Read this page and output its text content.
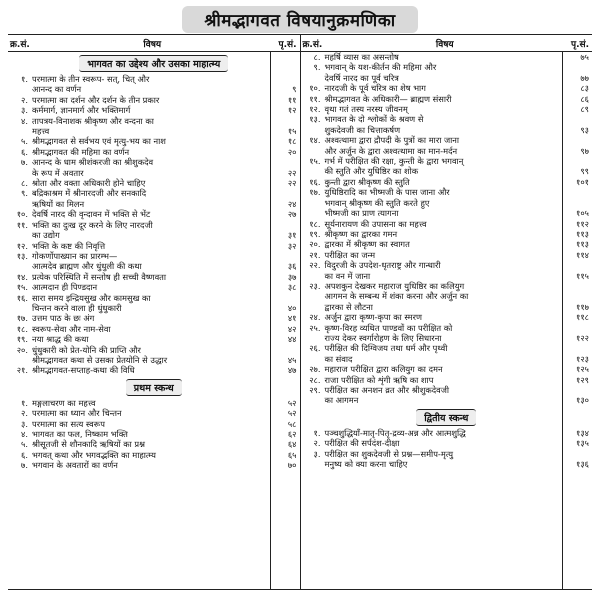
श्रीमद्भागवत विषयानुक्रमणिका
क्र.सं.	विषय	पृ.सं.
भागवत का उद्देश्य और उसका माहात्म्य
१. परमात्मा के तीन स्वरूप- सत्, चित् और
आनन्द का वर्णन	९
२. परमात्मा का दर्शन और दर्शन के तीन प्रकार	११
३. कर्ममार्ग, ज्ञानमार्ग और भक्तिमार्ग	१२
४. तापत्रय-विनाशक श्रीकृष्ण और वन्दना का
महत्त्व	१५
५. श्रीमद्भागवत से सर्वभय एवं मृत्यु-भय का नाश	१८
६. श्रीमद्भागवत की महिमा का वर्णन	२०
७. आनन्द के धाम श्रीशंकरजी का श्रीशुकदेव
के रूप में अवतार	२२
८. श्रोता और वक्ता अधिकारी होने चाहिए	२२
९. बद्रिकाश्रम में श्रीनारदजी और सनकादि
ऋषियों का मिलन	२४
१०. देवर्षि नारद की वृन्दावन में भक्ति से भेंट	२७
११. भक्ति का दुःख दूर करने के लिए नारदजी
का उद्योग	३१
१२. भक्ति के कष्ट की निवृत्ति	३२
१३. गोकर्णोपाख्यान का प्रारम्भ—
आत्मदेव ब्राह्मण और धुंधुली की कथा	३६
१४. प्रत्येक परिस्थिति में सन्तोष ही सच्ची वैष्णवता	३७
१५. आत्मदान ही पिण्डदान	३८
१६. सारा समय इन्द्रियसुख और कामसुख का
चिन्तन करने वाला ही धुंधुकारी	४०
१७. उत्तम पाठ के छः अंग	४१
१८. स्वरूप-सेवा और नाम-सेवा	४२
१९. नया श्राद्ध की कथा	४४
२०. धुंधुकारी को प्रेत-योनि की प्राप्ति और
श्रीमद्भागवत कथा से उसका प्रेतयोनि से उद्धार	४५
२१. श्रीमद्भागवत-सप्ताह-कथा की विधि	४७
प्रथम स्कन्ध
१. मङ्गलाचरण का महत्त्व	५२
२. परमात्मा का ध्यान और चिन्तन	५२
३. परमात्मा का सत्य स्वरूप	५८
४. भागवत का फल, निष्काम भक्ति	६२
५. श्रीसूतजी से शौनकादि ऋषियों का प्रश्न	६४
६. भगवत् कथा और भगवद्भक्ति का माहात्म्य	६५
७. भगवान के अवतारों का वर्णन	७०
क्र.सं.	विषय	पृ.सं.
८. महर्षि व्यास का असन्तोष	७५
९. भगवान् के यश-कीर्तन की महिमा और
देवर्षि नारद का पूर्व चरित्र	७७
१०. नारदजी के पूर्व चरित्र का शेष भाग	८३
११. श्रीमद्भागवत के अधिकारी— ब्राह्मण संसारी	८६
१२. वृथा गतं तस्य नरस्य जीवनम्	८९
१३. भागवत के दो श्लोकों के श्रवण से
शुकदेवजी का चित्ताकर्षण	९३
१४. अश्वत्थामा द्वारा द्रौपदी के पुत्रों का मारा जाना
और अर्जुन के द्वारा अश्वत्थामा का मान-मर्दन	९७
१५. गर्भ में परीक्षित की रक्षा, कुन्ती के द्वारा भगवान्
की स्तुति और युधिष्ठिर का शोक	९९
१६. कुन्ती द्वारा श्रीकृष्ण की स्तुति	१०१
१७. युधिष्ठिरादि का भीष्मजी के पास जाना और
भगवान् श्रीकृष्ण की स्तुति करते हुए
भीष्मजी का प्राण त्यागना	१०५
१८. सूर्यनारायण की उपासना का महत्त्व	११२
१९. श्रीकृष्ण का द्वारका गमन	११३
२०. द्वारका में श्रीकृष्ण का स्वागत	११३
२१. परीक्षित का जन्म	११४
२२. विदुरजी के उपदेश-धृतराष्ट्र और गान्धारी
का वन में जाना	११५
२३. अपशकुन देखकर महाराज युधिष्ठिर का कलियुग
आगमन के सम्बन्ध में शंका करना और अर्जुन का
द्वारका से लौटना	११७
२४. अर्जुन द्वारा कृष्ण-कृपा का स्मरण	११८
२५. कृष्ण-विरह व्यथित पाण्डवों का परीक्षित को
राज्य देकर स्वर्गारोहण के लिए सिधारना	१२२
२६. परीक्षित की दिग्विजय तथा धर्म और पृथ्वी
का संवाद	१२३
२७. महाराज परीक्षित द्वारा कलियुग का दमन	१२५
२८. राजा परीक्षित को शृंगी ऋषि का शाप	१२९
२९. परीक्षित का अनशन व्रत और श्रीशुकदेवजी
का आगमन	१३०
द्वितीय स्कन्ध
१. पञ्चशुद्धियाँ-मातृ-पितृ-द्रव्य-अन्न और आत्मशुद्धि	१३४
२. परीक्षित की सर्पदंश-दीक्षा	१३५
३. परीक्षित का शुकदेवजी से प्रश्न—समीप-मृत्यु
मनुष्य को क्या करना चाहिए	१३६
